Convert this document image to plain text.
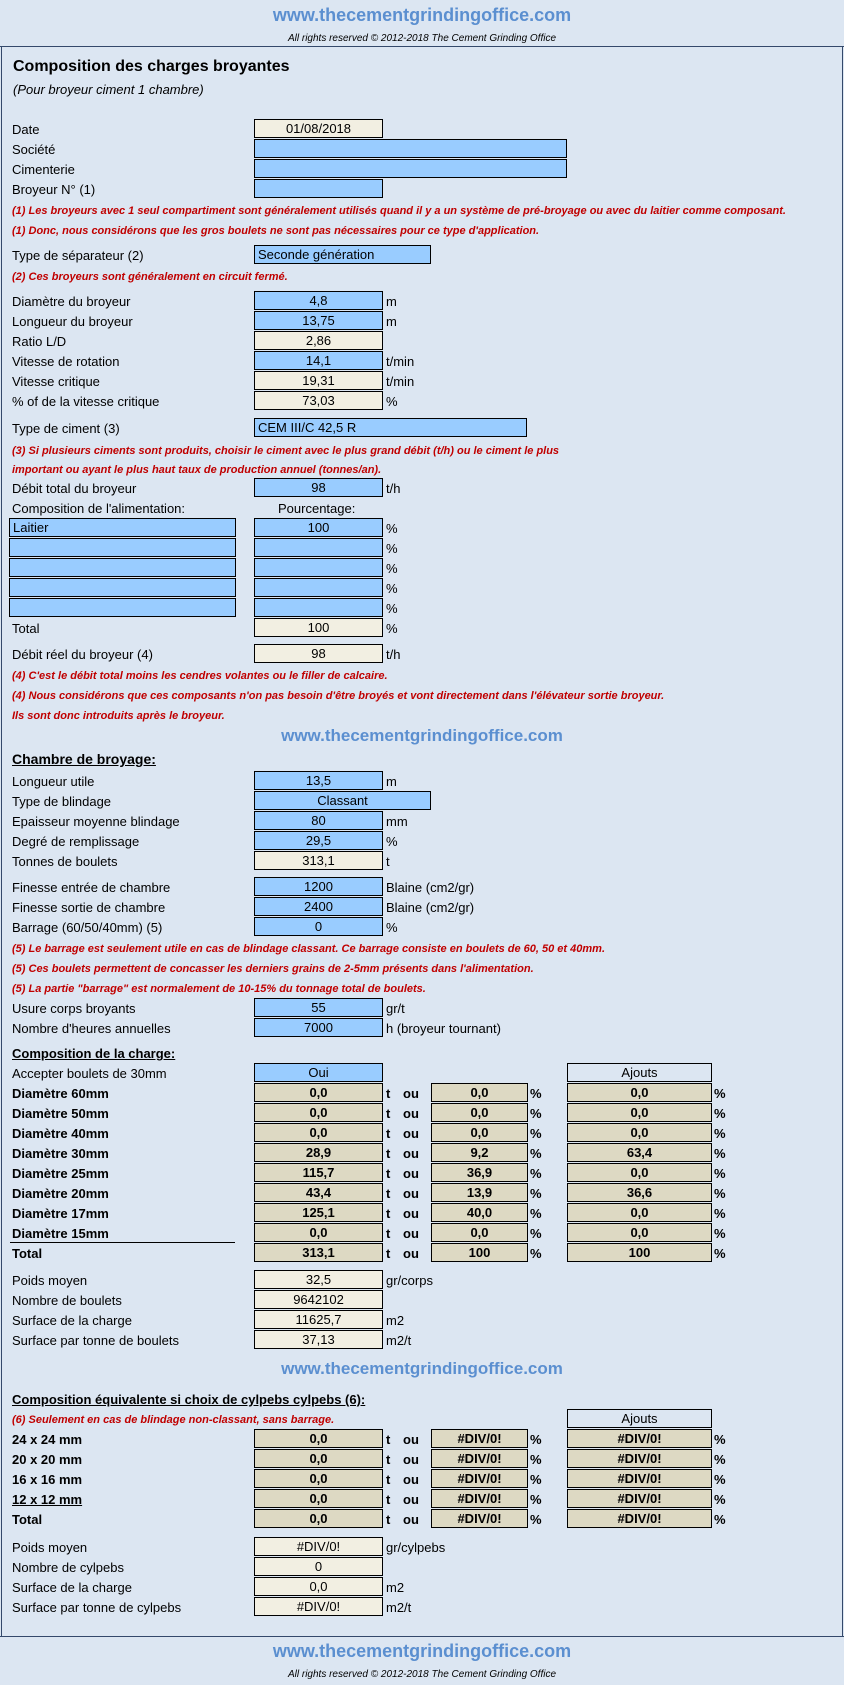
www.thecementgrindingoffice.com
All rights reserved © 2012-2018 The Cement Grinding Office
Composition des charges broyantes
(Pour broyeur ciment 1 chambre)
Date	01/08/2018
Société
Cimenterie
Broyeur N° (1)
(1) Les broyeurs avec 1 seul compartiment sont généralement utilisés quand il y a un système de pré-broyage ou avec du laitier comme composant.
(1) Donc, nous considérons que les gros boulets ne sont pas nécessaires pour ce type d'application.
Type de séparateur (2)	Seconde génération
(2) Ces broyeurs sont généralement en circuit fermé.
Diamètre du broyeur	4,8	m
Longueur du broyeur	13,75	m
Ratio L/D	2,86
Vitesse de rotation	14,1	t/min
Vitesse critique	19,31	t/min
% of de la vitesse critique	73,03	%
Type de ciment (3)	CEM III/C 42,5 R
(3) Si plusieurs ciments sont produits, choisir le ciment avec le plus grand débit (t/h) ou le ciment le plus
important ou ayant le plus haut taux de production annuel (tonnes/an).
Débit total du broyeur	98	t/h
Composition de l'alimentation:	Pourcentage:
Laitier	100	%
%
%
%
%
Total	100	%
Débit réel du broyeur (4)	98	t/h
(4) C'est le débit total moins les cendres volantes ou le filler de calcaire.
(4) Nous considérons que ces composants n'on pas besoin d'être broyés et vont directement dans l'élévateur sortie broyeur.
Ils sont donc introduits après le broyeur.
www.thecementgrindingoffice.com
Chambre de broyage:
Longueur utile	13,5	m
Type de blindage	Classant
Epaisseur moyenne blindage	80	mm
Degré de remplissage	29,5	%
Tonnes de boulets	313,1	t
Finesse entrée de chambre	1200	Blaine (cm2/gr)
Finesse sortie de chambre	2400	Blaine (cm2/gr)
Barrage (60/50/40mm) (5)	0	%
(5) Le barrage est seulement utile en cas de blindage classant. Ce barrage consiste en boulets de 60, 50 et 40mm.
(5) Ces boulets permettent de concasser les derniers grains de 2-5mm présents dans l'alimentation.
(5) La partie "barrage" est normalement de 10-15% du tonnage total de boulets.
Usure corps broyants	55	gr/t
Nombre d'heures annuelles	7000	h (broyeur tournant)
Composition de la charge:
Accepter boulets de 30mm	Oui	Ajouts
Diamètre 60mm	0,0	t ou	0,0	%	0,0	%
Diamètre 50mm	0,0	t ou	0,0	%	0,0	%
Diamètre 40mm	0,0	t ou	0,0	%	0,0	%
Diamètre 30mm	28,9	t ou	9,2	%	63,4	%
Diamètre 25mm	115,7	t ou	36,9	%	0,0	%
Diamètre 20mm	43,4	t ou	13,9	%	36,6	%
Diamètre 17mm	125,1	t ou	40,0	%	0,0	%
Diamètre 15mm	0,0	t ou	0,0	%	0,0	%
Total	313,1	t ou	100	%	100	%
Poids moyen	32,5	gr/corps
Nombre de boulets	9642102
Surface de la charge	11625,7	m2
Surface par tonne de boulets	37,13	m2/t
www.thecementgrindingoffice.com
Composition équivalente si choix de cylpebs cylpebs (6):
Ajouts
(6) Seulement en cas de blindage non-classant, sans barrage.
24 x 24 mm	0,0	t ou	#DIV/0!	%	#DIV/0!	%
20 x 20 mm	0,0	t ou	#DIV/0!	%	#DIV/0!	%
16 x 16 mm	0,0	t ou	#DIV/0!	%	#DIV/0!	%
12 x 12 mm	0,0	t ou	#DIV/0!	%	#DIV/0!	%
Total	0,0	t ou	#DIV/0!	%	#DIV/0!	%
Poids moyen	#DIV/0!	gr/cylpebs
Nombre de cylpebs	0
Surface de la charge	0,0	m2
Surface par tonne de cylpebs	#DIV/0!	m2/t
www.thecementgrindingoffice.com
All rights reserved © 2012-2018 The Cement Grinding Office
